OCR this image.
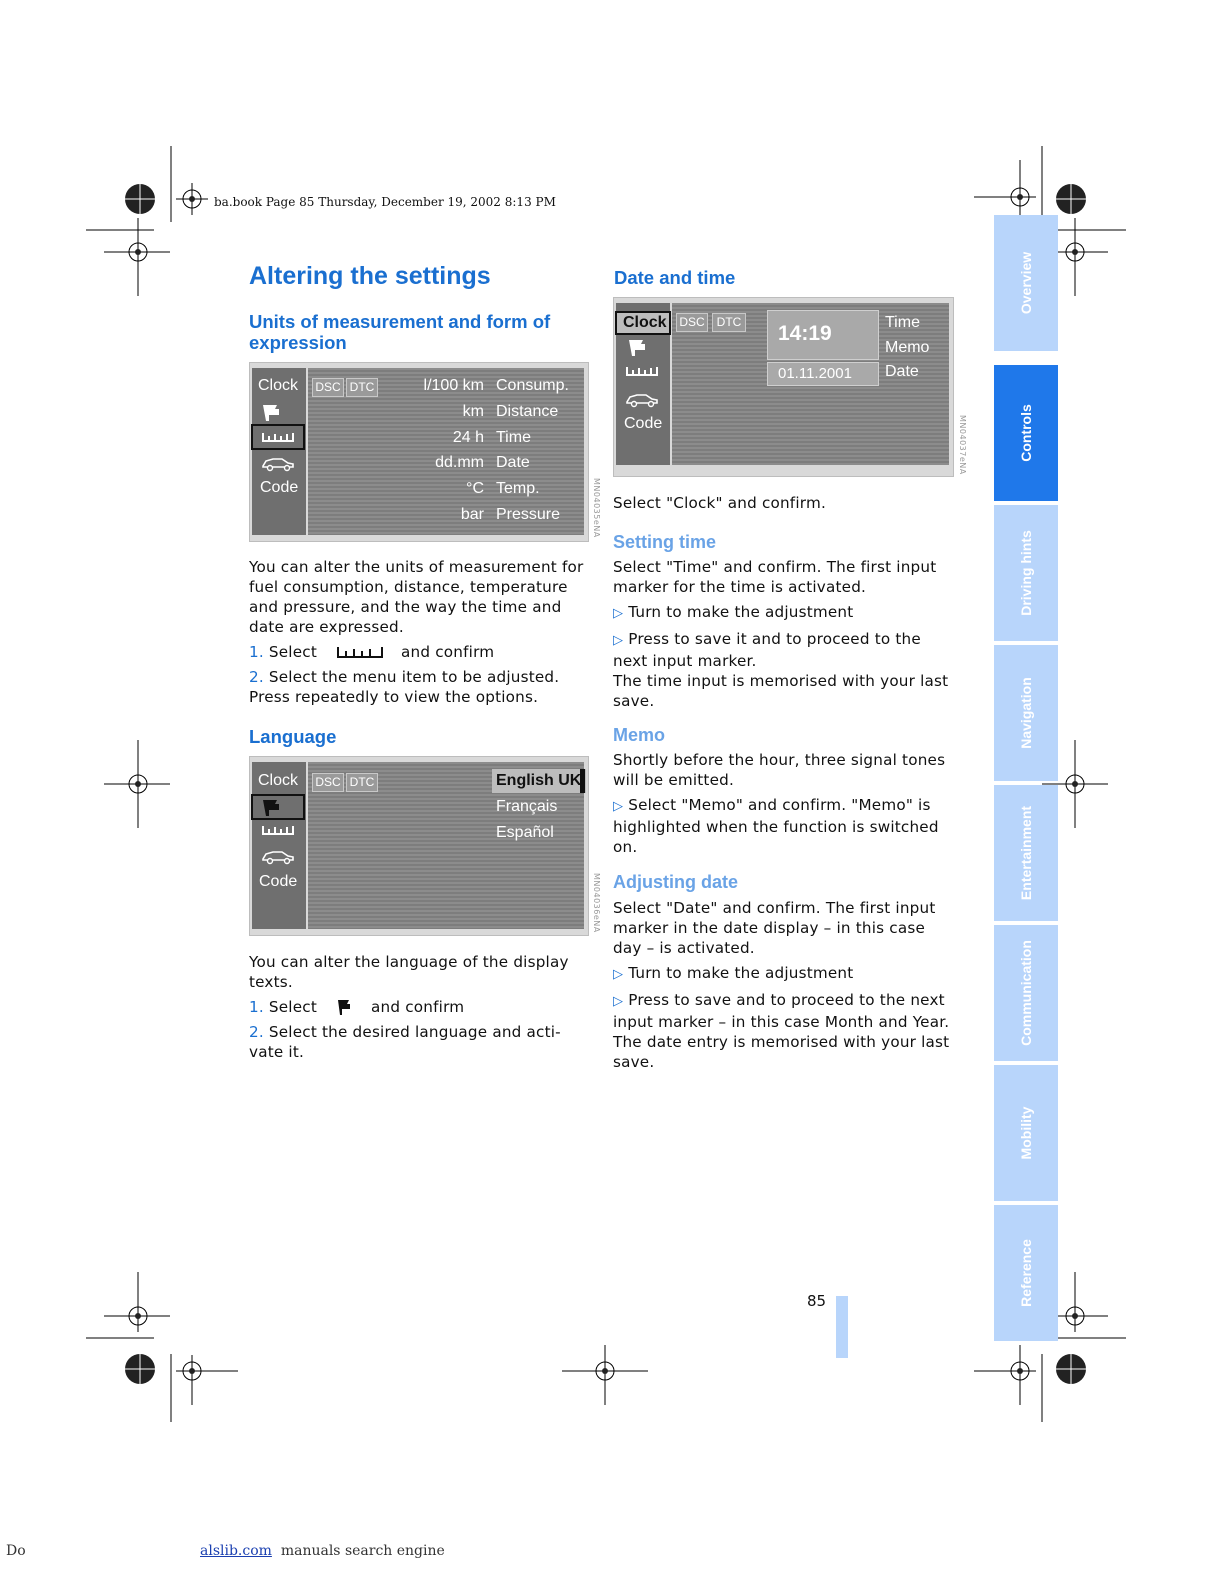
ba.book Page 85 Thursday, December 19, 2002 8:13 PM
Altering the settings
Units of measurement and form of expression
Clock DSC DTC
Code
l/100 km Consump.
km Distance
24 h Time
dd.mm Date
°C Temp.
bar Pressure	MN04035eNA

You can alter the units of measurement for fuel consumption, distance, temperature and pressure, and the way the time and date are expressed.

1. Select	and confirm

2. Select the menu item to be adjusted.

Press repeatedly to view the options.

Language
Clock DSC DTC
Code
English UK
Français
Español
MN04036eNA

You can alter the language of the display texts.

1. Select	and confirm

2. Select the desired language and acti-vate it.

Date and time
Clock DSC DTC
Code
14:19
01.11.2001
Time
Memo
Date
MN04037eNA
Select "Clock" and confirm.
Setting time

Select "Time" and confirm. The first input marker for the time is activated.

▷ Turn to make the adjustment

▷ Press to save it and to proceed to the next input marker.

The time input is memorised with your last save.

Memo

Shortly before the hour, three signal tones will be emitted.

▷ Select "Memo" and confirm. "Memo" is highlighted when the function is switched on.

Adjusting date

Select "Date" and confirm. The first input marker in the date display – in this case day – is activated.

▷ Turn to make the adjustment

▷ Press to save and to proceed to the next input marker – in this case Month and Year.

The date entry is memorised with your last save.

Overview
Controls
Driving hints
Navigation
Entertainment
Communication
Mobility
Reference
85
Do	alslib.com manuals search engine
